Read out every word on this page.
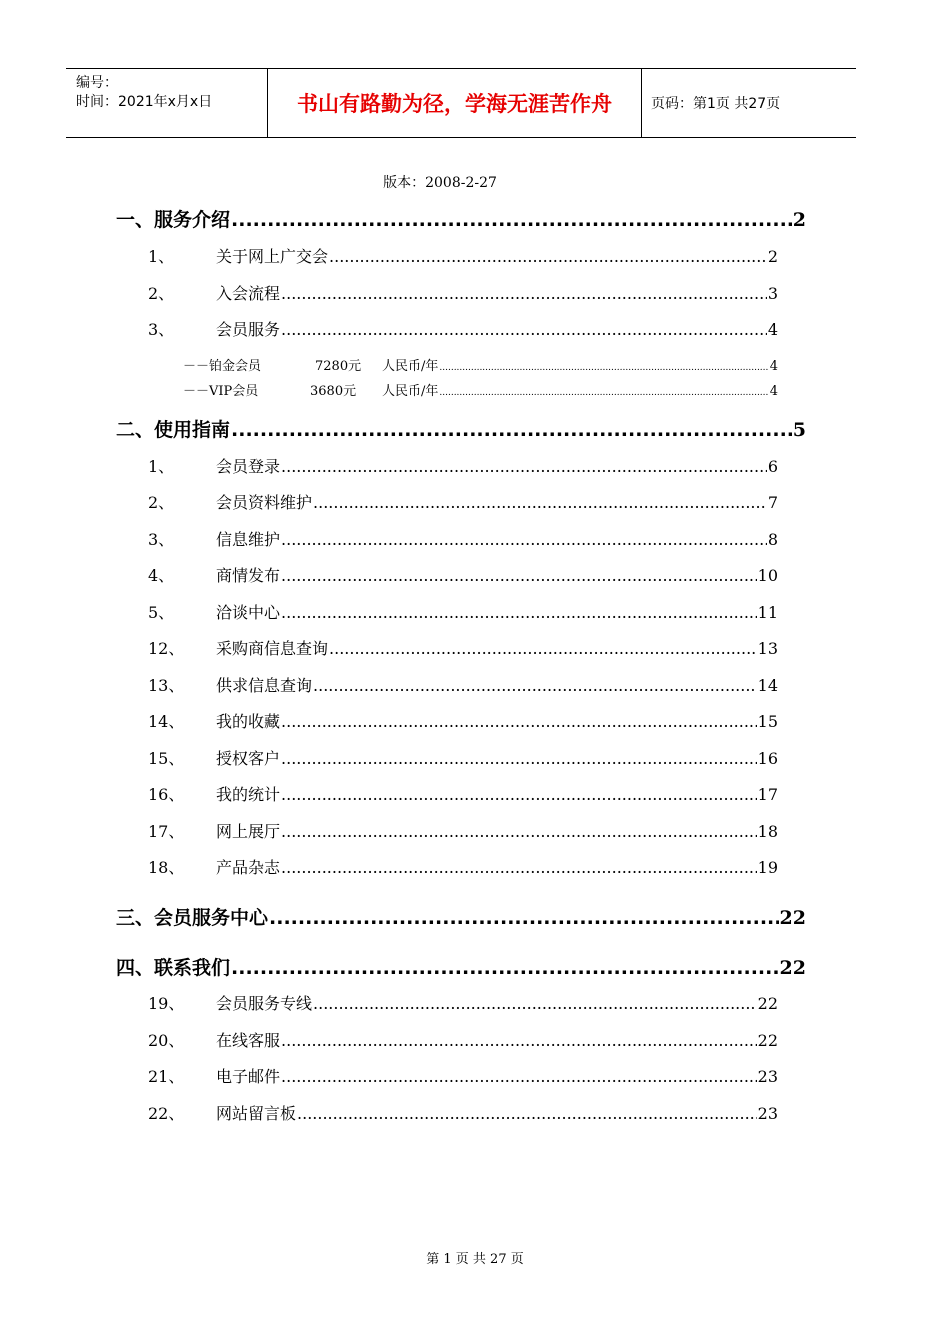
编号：
时间：2021年x月x日	书山有路勤为径，学海无涯苦作舟	页码：第1页 共27页
版本：2008-2-27
一、服务介绍 .....	2
1、	关于网上广交会 .....	2
2、	入会流程 .....	3
3、	会员服务 .....	4
－－铂金会员	7280元	人民币/年 .....	4
－－VIP会员	3680元	人民币/年 .....	4
二、使用指南 .....	5
1、	会员登录 .....	6
2、	会员资料维护 .....	7
3、	信息维护 .....	8
4、	商情发布 .....	10
5、	洽谈中心 .....	11
12、	采购商信息查询 .....	13
13、	供求信息查询 .....	14
14、	我的收藏 .....	15
15、	授权客户 .....	16
16、	我的统计 .....	17
17、	网上展厅 .....	18
18、	产品杂志 .....	19
三、会员服务中心 .....	22
四、联系我们 .....	22
19、	会员服务专线 .....	22
20、	在线客服 .....	22
21、	电子邮件 .....	23
22、	网站留言板 .....	23
第 1 页 共 27 页
